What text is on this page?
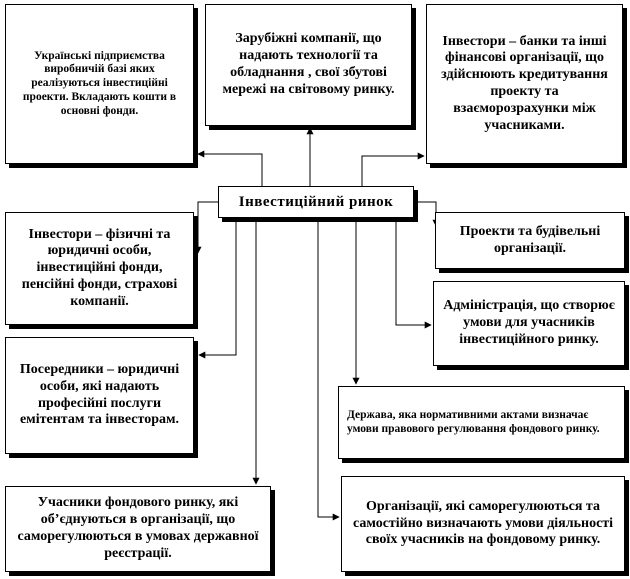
Українські підприємства виробничій базі яких реалізуються інвестиційні проекти. Вкладають кошти в основні фонди.
Зарубіжні компанії, що надають технології та обладнання , свої збутові мережі на світовому ринку.
Інвестори – банки та інші фінансові організації, що здійснюють кредитування проекту та взаєморозрахунки між учасниками.
Інвестиційний ринок
Інвестори – фізичні та юридичні особи, інвестиційні фонди, пенсійні фонди, страхові компанії.
Проекти та будівельні організації.
Адміністрація, що створює умови для учасників інвестиційного ринку.
Посередники – юридичні особи, які надають професійні послуги емітентам та інвесторам.	Держава, яка нормативними актами визначає умови правового регулювання фондового ринку.
Учасники фондового ринку, які об’єднуються в організації, що саморегулюються в умовах державної реєстрації.
Організації, які саморегулюються та самостійно визначають умови діяльності своїх учасників на фондовому ринку.
